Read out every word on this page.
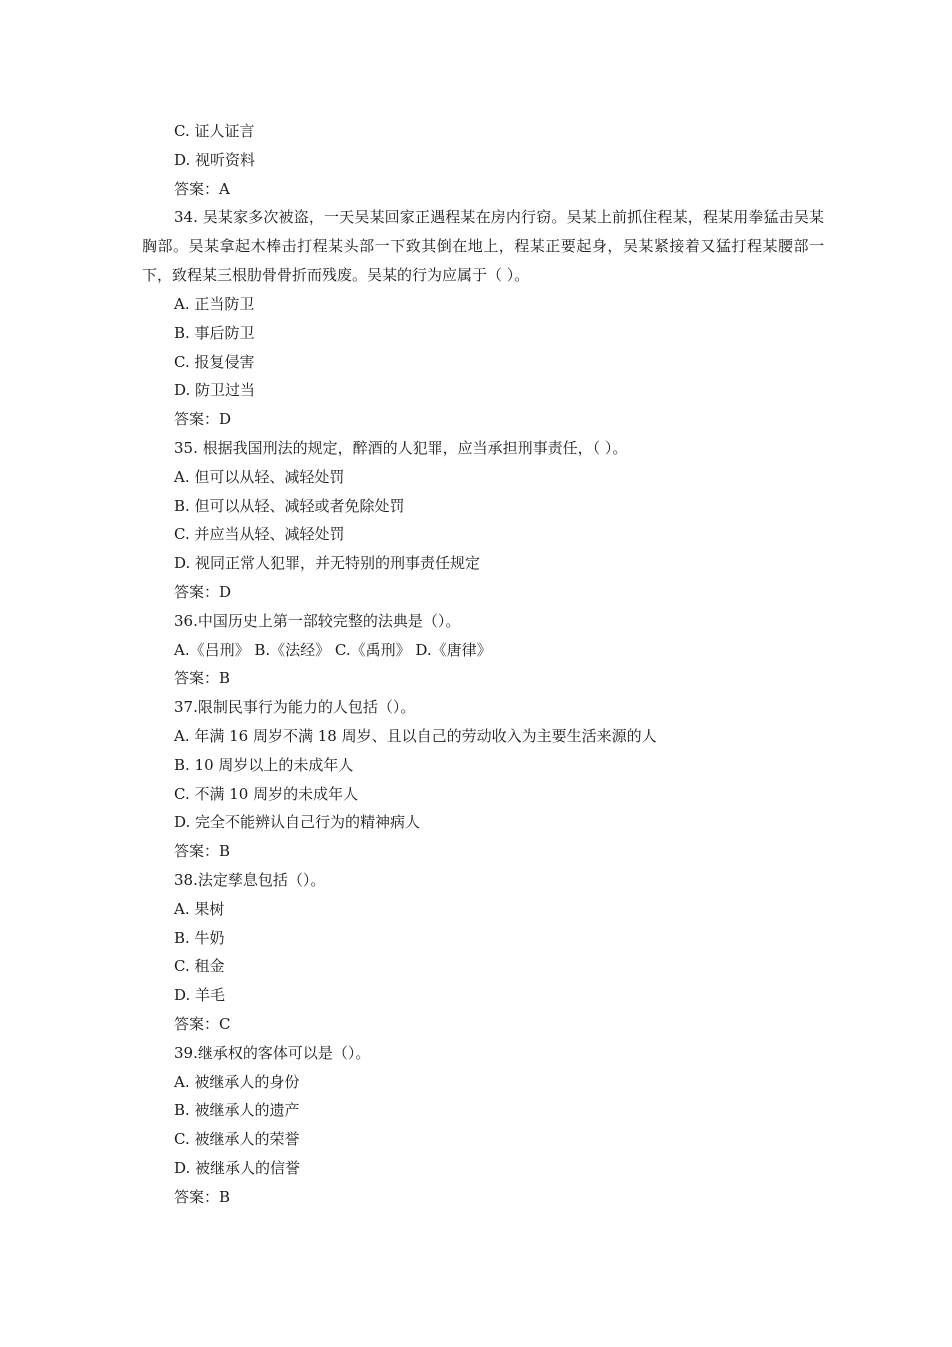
C. 证人证言
D. 视听资料
答案：A
34. 吴某家多次被盗，一天吴某回家正遇程某在房内行窃。吴某上前抓住程某，程某用拳猛击吴某胸部。吴某拿起木棒击打程某头部一下致其倒在地上，程某正要起身，吴某紧接着又猛打程某腰部一下，致程某三根肋骨骨折而残废。吴某的行为应属于（ ）。
A. 正当防卫
B. 事后防卫
C. 报复侵害
D. 防卫过当
答案：D
35. 根据我国刑法的规定，醉酒的人犯罪，应当承担刑事责任，（ ）。
A. 但可以从轻、减轻处罚
B. 但可以从轻、减轻或者免除处罚
C. 并应当从轻、减轻处罚
D. 视同正常人犯罪，并无特别的刑事责任规定
答案：D
36.中国历史上第一部较完整的法典是（）。
A.《吕刑》 B.《法经》 C.《禹刑》 D.《唐律》
答案：B
37.限制民事行为能力的人包括（）。
A. 年满 16 周岁不满 18 周岁、且以自己的劳动收入为主要生活来源的人
B. 10 周岁以上的未成年人
C. 不满 10 周岁的未成年人
D. 完全不能辨认自己行为的精神病人
答案：B
38.法定孳息包括（）。
A. 果树
B. 牛奶
C. 租金
D. 羊毛
答案：C
39.继承权的客体可以是（）。
A. 被继承人的身份
B. 被继承人的遗产
C. 被继承人的荣誉
D. 被继承人的信誉
答案：B
